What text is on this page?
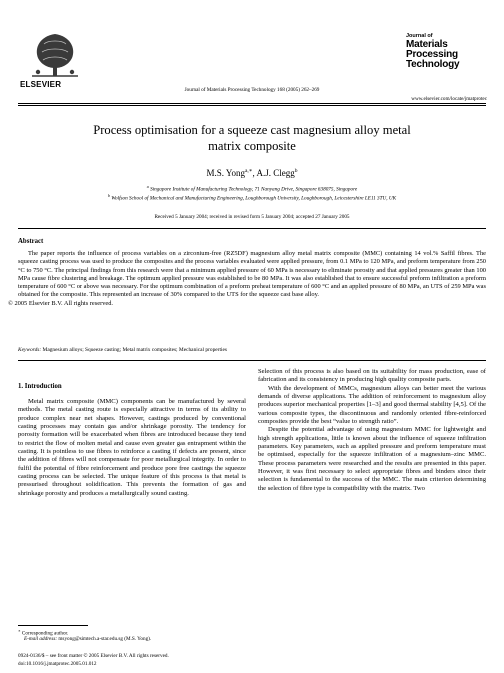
ELSEVIER
Journal of Materials Processing Technology 168 (2005) 262–269
Journal of
Materials
Processing
Technology
www.elsevier.com/locate/jmatprotec
Process optimisation for a squeeze cast magnesium alloy metal
matrix composite
M.S. Yong$^{a,∗}$, A.J. Clegg$^b$
$^a$ Singapore Institute of Manufacturing Technology, 71 Nanyang Drive, Singapore 638075, Singapore
$^b$ Wolfson School of Mechanical and Manufacturing Engineering, Loughborough University, Loughborough, Leicestershire LE11 3TU, UK
Received 5 January 2004; received in revised form 5 January 2004; accepted 27 January 2005
Abstract
The paper reports the influence of process variables on a zirconium-free (RZ5DF) magnesium alloy metal matrix composite (MMC) containing 14 vol.% Saffil fibres. The squeeze casting process was used to produce the composites and the process variables evaluated were applied pressure, from 0.1 MPa to 120 MPa, and preform temperature from 250 °C to 750 °C. The principal findings from this research were that a minimum applied pressure of 60 MPa is necessary to eliminate porosity and that applied pressures greater than 100 MPa cause fibre clustering and breakage. The optimum applied pressure was established to be 80 MPa. It was also established that to ensure successful preform infiltration a preform temperature of 600 °C or above was necessary. For the optimum combination of a preform preheat temperature of 600 °C and an applied pressure of 80 MPa, an UTS of 259 MPa was obtained for the composite. This represented an increase of 30% compared to the UTS for the squeeze cast base alloy.
© 2005 Elsevier B.V. All rights reserved.
Keywords: Magnesium alloys; Squeeze casting; Metal matrix composites; Mechanical properties
1. Introduction
Metal matrix composite (MMC) components can be manufactured by several methods. The metal casting route is especially attractive in terms of its ability to produce complex near net shapes. However, castings produced by conventional casting processes may contain gas and/or shrinkage porosity. The tendency for porosity formation will be exacerbated when fibres are introduced because they tend to restrict the flow of molten metal and cause even greater gas entrapment within the casting. It is pointless to use fibres to reinforce a casting if defects are present, since the addition of fibres will not compensate for poor metallurgical integrity. In order to fulfil the potential of fibre reinforcement and produce pore free castings the squeeze casting process can be selected. The unique feature of this process is that metal is pressurised throughout solidification. This prevents the formation of gas and shrinkage porosity and produces a metallurgically sound casting.

Selection of this process is also based on its suitability for mass production, ease of fabrication and its consistency in producing high quality composite parts.

With the development of MMCs, magnesium alloys can better meet the various demands of diverse applications. The addition of reinforcement to magnesium alloy produces superior mechanical properties [1–3] and good thermal stability [4,5]. Of the various composite types, the discontinuous and randomly oriented fibre-reinforced composites provide the best “value to strength ratio”.

Despite the potential advantage of using magnesium MMC for lightweight and high strength applications, little is known about the influence of squeeze infiltration parameters. Key parameters, such as applied pressure and preform temperature must be optimised, especially for the squeeze infiltration of a magnesium–zinc MMC. These process parameters were researched and the results are presented in this paper. However, it was first necessary to select appropriate fibres and binders since their selection is fundamental to the success of the MMC. The main criterion determining the selection of fibre type is compatibility with the matrix. Two

∗ Corresponding author.
E-mail address: msyong@simtech.a-star.edu.sg (M.S. Yong).
0924-0136/$ – see front matter © 2005 Elsevier B.V. All rights reserved.
doi:10.1016/j.jmatprotec.2005.01.012
